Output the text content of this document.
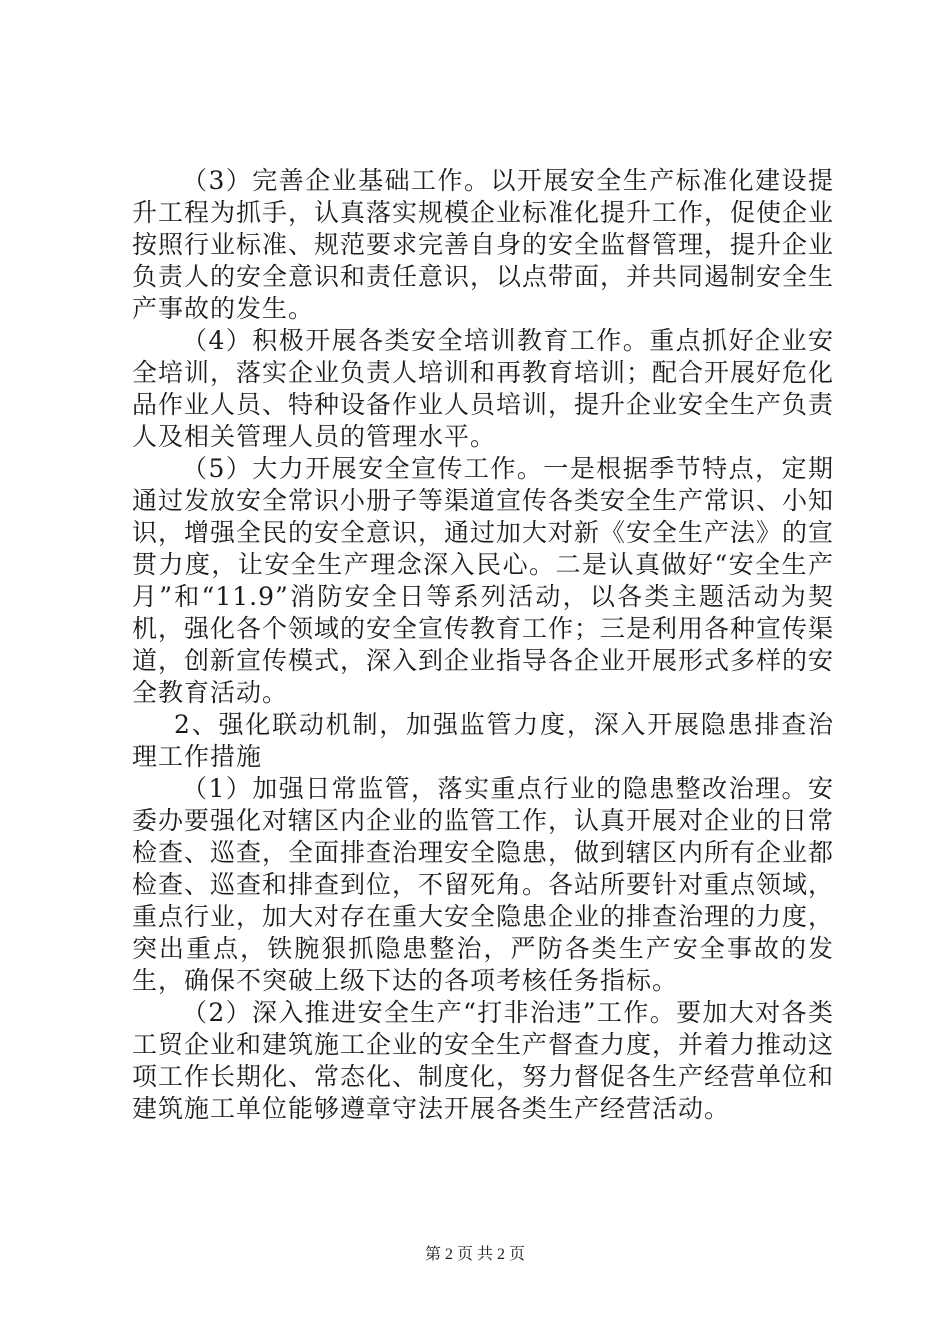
（3）完善企业基础工作。以开展安全生产标准化建设提升工程为抓手，认真落实规模企业标准化提升工作，促使企业按照行业标准、规范要求完善自身的安全监督管理，提升企业负责人的安全意识和责任意识，以点带面，并共同遏制安全生产事故的发生。

（4）积极开展各类安全培训教育工作。重点抓好企业安全培训，落实企业负责人培训和再教育培训；配合开展好危化品作业人员、特种设备作业人员培训，提升企业安全生产负责人及相关管理人员的管理水平。

（5）大力开展安全宣传工作。一是根据季节特点，定期通过发放安全常识小册子等渠道宣传各类安全生产常识、小知识，增强全民的安全意识，通过加大对新《安全生产法》的宣贯力度，让安全生产理念深入民心。二是认真做好“安全生产月”和“11.9”消防安全日等系列活动，以各类主题活动为契机，强化各个领域的安全宣传教育工作；三是利用各种宣传渠道，创新宣传模式，深入到企业指导各企业开展形式多样的安全教育活动。

2、强化联动机制，加强监管力度，深入开展隐患排查治理工作措施

（1）加强日常监管，落实重点行业的隐患整改治理。安委办要强化对辖区内企业的监管工作，认真开展对企业的日常检查、巡查，全面排查治理安全隐患，做到辖区内所有企业都检查、巡查和排查到位，不留死角。各站所要针对重点领域，重点行业，加大对存在重大安全隐患企业的排查治理的力度，突出重点，铁腕狠抓隐患整治，严防各类生产安全事故的发生，确保不突破上级下达的各项考核任务指标。

（2）深入推进安全生产“打非治违”工作。要加大对各类工贸企业和建筑施工企业的安全生产督查力度，并着力推动这项工作长期化、常态化、制度化，努力督促各生产经营单位和建筑施工单位能够遵章守法开展各类生产经营活动。

第 2 页 共 2 页
